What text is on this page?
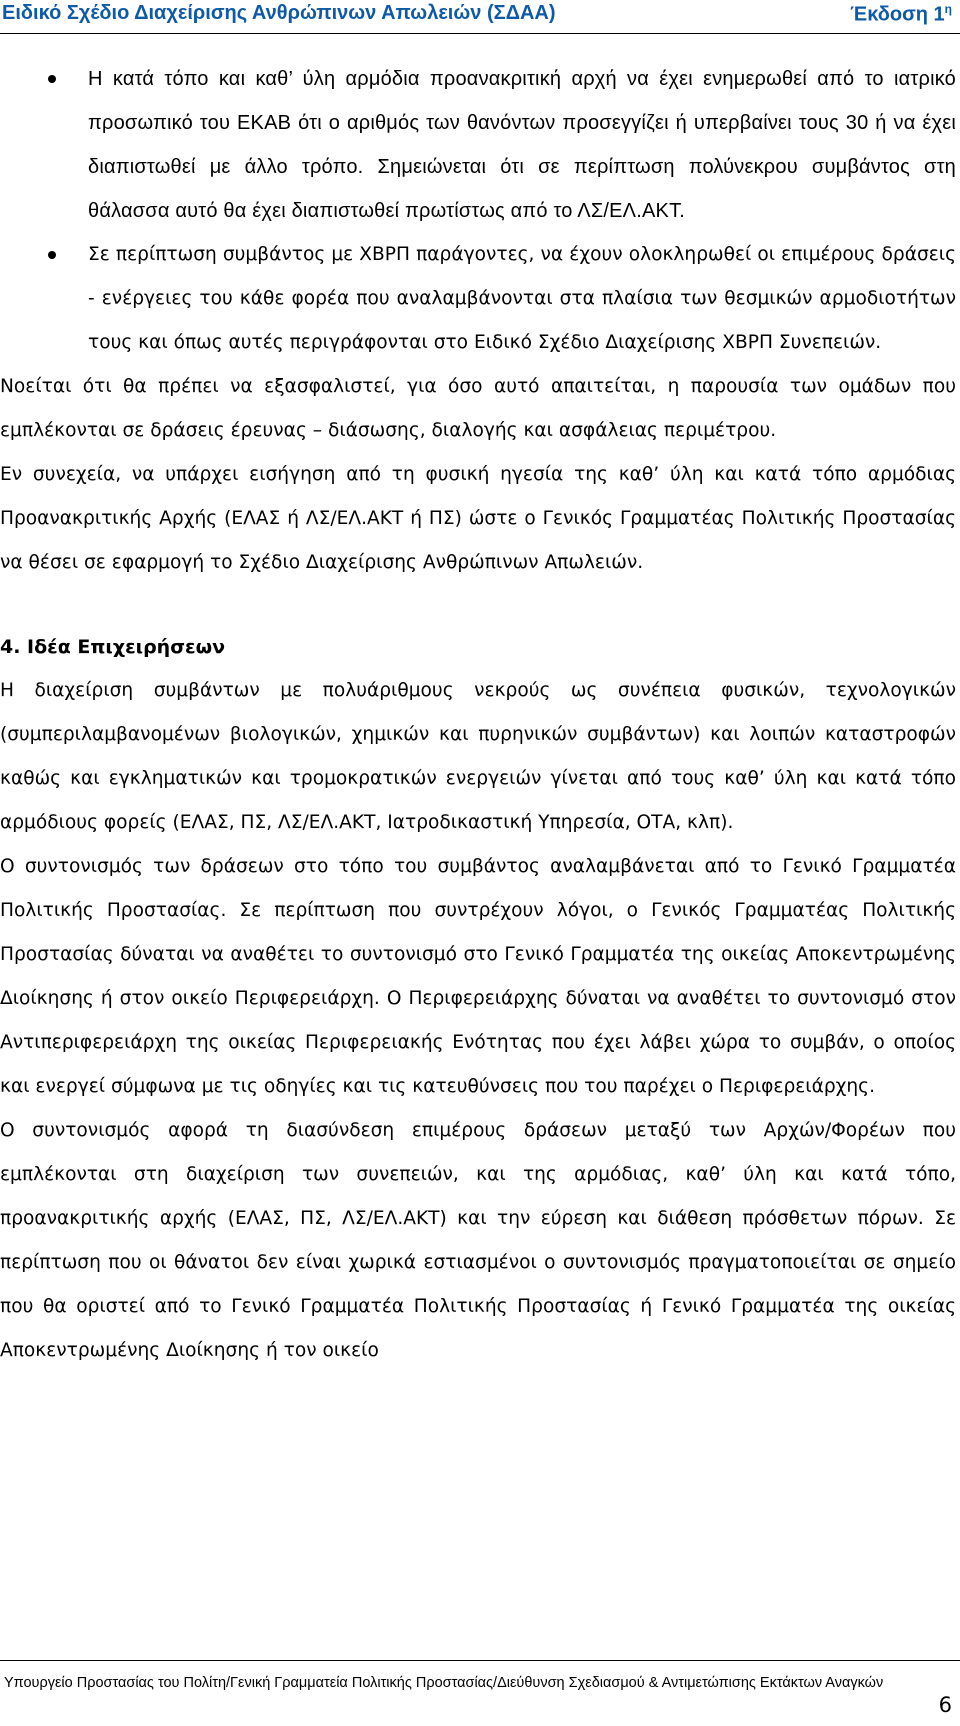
Ειδικό Σχέδιο Διαχείρισης Ανθρώπινων Απωλειών (ΣΔΑΑ)	Έκδοση $1^\eta$
Η κατά τόπο και καθ’ ύλη αρμόδια προανακριτική αρχή να έχει ενημερωθεί από το ιατρικό προσωπικό του ΕΚΑΒ ότι ο αριθμός των θανόντων προσεγγίζει ή υπερβαίνει τους 30 ή να έχει διαπιστωθεί με άλλο τρόπο. Σημειώνεται ότι σε περίπτωση πολύνεκρου συμβάντος στη θάλασσα αυτό θα έχει διαπιστωθεί πρωτίστως από το ΛΣ/ΕΛ.ΑΚΤ.
Σε περίπτωση συμβάντος με ΧΒΡΠ παράγοντες, να έχουν ολοκληρωθεί οι επιμέρους δράσεις - ενέργειες του κάθε φορέα που αναλαμβάνονται στα πλαίσια των θεσμικών αρμοδιοτήτων τους και όπως αυτές περιγράφονται στο Ειδικό Σχέδιο Διαχείρισης ΧΒΡΠ Συνεπειών.

Νοείται ότι θα πρέπει να εξασφαλιστεί, για όσο αυτό απαιτείται, η παρουσία των ομάδων που εμπλέκονται σε δράσεις έρευνας – διάσωσης, διαλογής και ασφάλειας περιμέτρου.

Εν συνεχεία, να υπάρχει εισήγηση από τη φυσική ηγεσία της καθ’ ύλη και κατά τόπο αρμόδιας Προανακριτικής Αρχής (ΕΛΑΣ ή ΛΣ/ΕΛ.ΑΚΤ ή ΠΣ) ώστε ο Γενικός Γραμματέας Πολιτικής Προστασίας να θέσει σε εφαρμογή το Σχέδιο Διαχείρισης Ανθρώπινων Απωλειών.

4. Ιδέα Επιχειρήσεων

Η διαχείριση συμβάντων με πολυάριθμους νεκρούς ως συνέπεια φυσικών, τεχνολογικών (συμπεριλαμβανομένων βιολογικών, χημικών και πυρηνικών συμβάντων) και λοιπών καταστροφών καθώς και εγκληματικών και τρομοκρατικών ενεργειών γίνεται από τους καθ’ ύλη και κατά τόπο αρμόδιους φορείς (ΕΛΑΣ, ΠΣ, ΛΣ/ΕΛ.ΑΚΤ, Ιατροδικαστική Υπηρεσία, ΟΤΑ, κλπ).

Ο συντονισμός των δράσεων στο τόπο του συμβάντος αναλαμβάνεται από το Γενικό Γραμματέα Πολιτικής Προστασίας. Σε περίπτωση που συντρέχουν λόγοι, ο Γενικός Γραμματέας Πολιτικής Προστασίας δύναται να αναθέτει το συντονισμό στο Γενικό Γραμματέα της οικείας Αποκεντρωμένης Διοίκησης ή στον οικείο Περιφερειάρχη. Ο Περιφερειάρχης δύναται να αναθέτει το συντονισμό στον Αντιπεριφερειάρχη της οικείας Περιφερειακής Ενότητας που έχει λάβει χώρα το συμβάν, ο οποίος και ενεργεί σύμφωνα με τις οδηγίες και τις κατευθύνσεις που του παρέχει ο Περιφερειάρχης.

Ο συντονισμός αφορά τη διασύνδεση επιμέρους δράσεων μεταξύ των Αρχών/Φορέων που εμπλέκονται στη διαχείριση των συνεπειών, και της αρμόδιας, καθ’ ύλη και κατά τόπο, προανακριτικής αρχής (ΕΛΑΣ, ΠΣ, ΛΣ/ΕΛ.ΑΚΤ) και την εύρεση και διάθεση πρόσθετων πόρων. Σε περίπτωση που οι θάνατοι δεν είναι χωρικά εστιασμένοι ο συντονισμός πραγματοποιείται σε σημείο που θα οριστεί από το Γενικό Γραμματέα Πολιτικής Προστασίας ή Γενικό Γραμματέα της οικείας Αποκεντρωμένης Διοίκησης ή τον οικείο

Υπουργείο Προστασίας του Πολίτη/Γενική Γραμματεία Πολιτικής Προστασίας/Διεύθυνση Σχεδιασμού & Αντιμετώπισης Εκτάκτων Αναγκών
6
